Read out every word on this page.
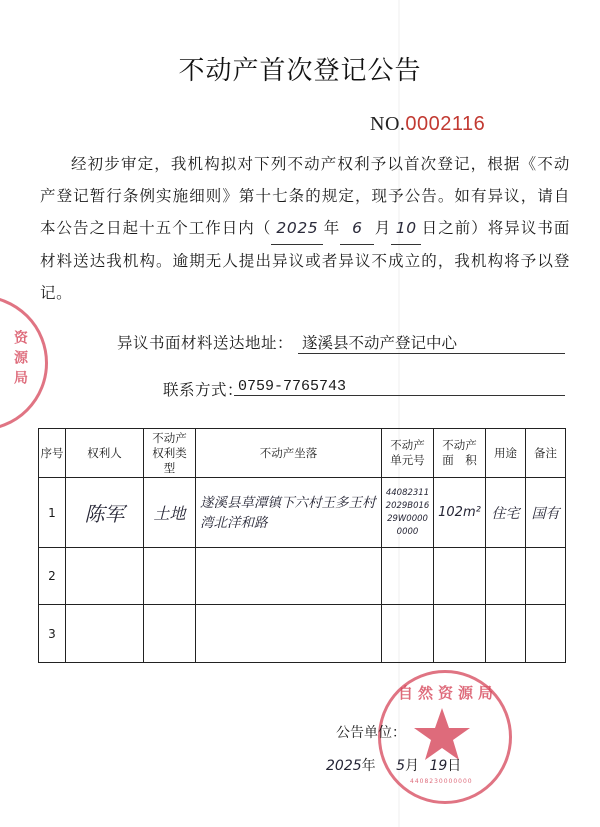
不动产首次登记公告
NO.0002116
经初步审定，我机构拟对下列不动产权利予以首次登记，根据《不动产登记暂行条例实施细则》第十七条的规定，现予公告。如有异议，请自本公告之日起十五个工作日内（ 2025 年 6 月 10 日之前）将异议书面材料送达我机构。逾期无人提出异议或者异议不成立的，我机构将予以登记。
异议书面材料送达地址： 遂溪县不动产登记中心
联系方式：
0759-7765743
序号	权利人	不动产权利类型	不动产坐落	不动产单元号	不动产面　积	用途	备注
1	陈军	土地	遂溪县草潭镇下六村王多王村湾北洋和路	440823112029B01629W00000000	102m²	住宅	国有
2							
3							
资源局
自然资源局
4408230000000
公告单位：
2025年 5月 19日
